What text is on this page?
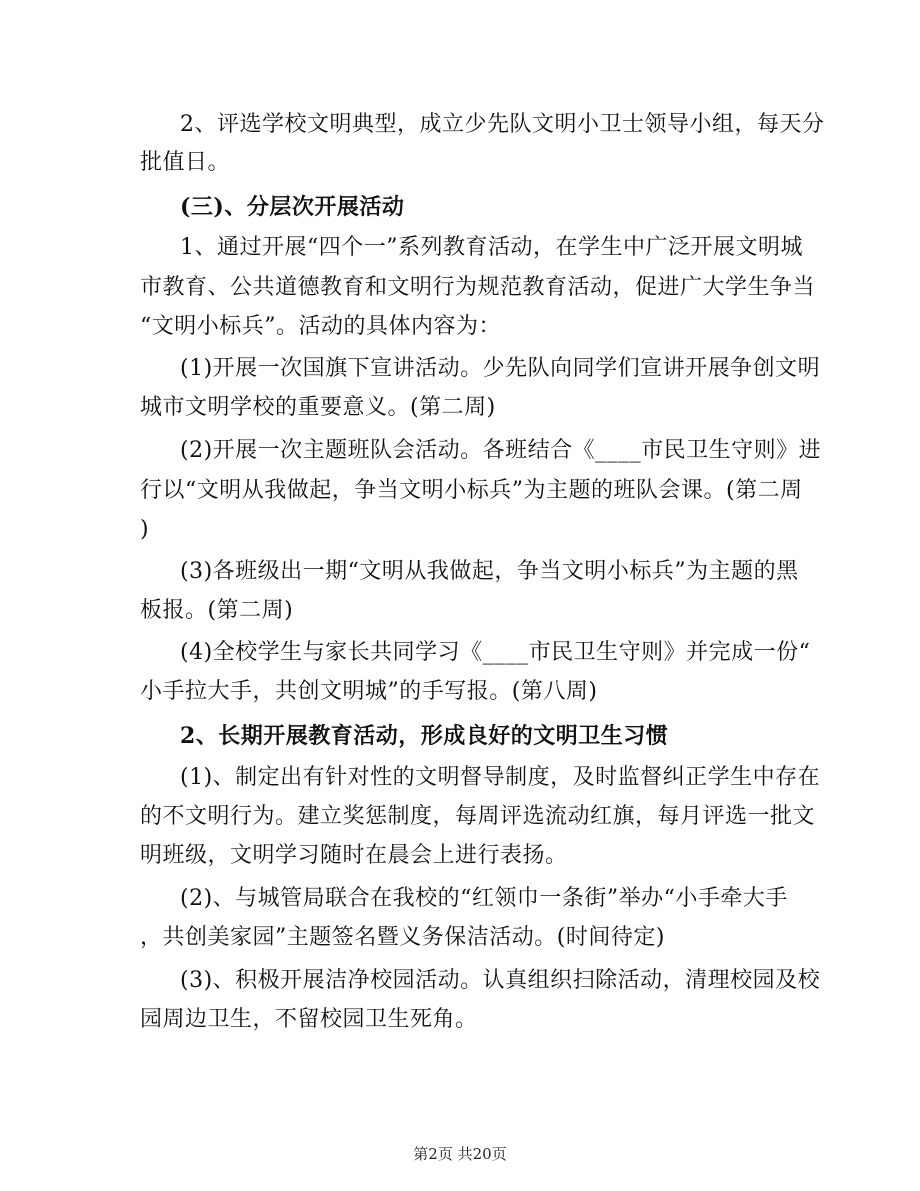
2、评选学校文明典型，成立少先队文明小卫士领导小组，每天分
批值日。
(三)、分层次开展活动
1、通过开展“四个一”系列教育活动，在学生中广泛开展文明城
市教育、公共道德教育和文明行为规范教育活动，促进广大学生争当
“文明小标兵”。活动的具体内容为：
(1)开展一次国旗下宣讲活动。少先队向同学们宣讲开展争创文明
城市文明学校的重要意义。(第二周)
(2)开展一次主题班队会活动。各班结合《____市民卫生守则》进
行以“文明从我做起，争当文明小标兵”为主题的班队会课。(第二周
)
(3)各班级出一期“文明从我做起，争当文明小标兵”为主题的黑
板报。(第二周)
(4)全校学生与家长共同学习《____市民卫生守则》并完成一份“
小手拉大手，共创文明城”的手写报。(第八周)
2、长期开展教育活动，形成良好的文明卫生习惯
(1)、制定出有针对性的文明督导制度，及时监督纠正学生中存在
的不文明行为。建立奖惩制度，每周评选流动红旗，每月评选一批文
明班级，文明学习随时在晨会上进行表扬。
(2)、与城管局联合在我校的“红领巾一条街”举办“小手牵大手
，共创美家园”主题签名暨义务保洁活动。(时间待定)
(3)、积极开展洁净校园活动。认真组织扫除活动，清理校园及校
园周边卫生，不留校园卫生死角。
第2页 共20页
